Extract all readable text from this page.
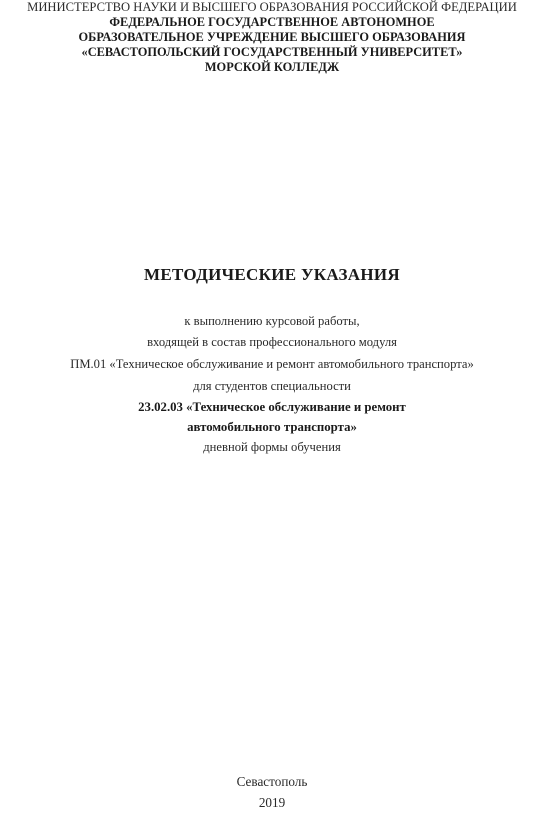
МИНИСТЕРСТВО НАУКИ И ВЫСШЕГО ОБРАЗОВАНИЯ РОССИЙСКОЙ ФЕДЕРАЦИИ
ФЕДЕРАЛЬНОЕ ГОСУДАРСТВЕННОЕ АВТОНОМНОЕ
ОБРАЗОВАТЕЛЬНОЕ УЧРЕЖДЕНИЕ ВЫСШЕГО ОБРАЗОВАНИЯ
«СЕВАСТОПОЛЬСКИЙ ГОСУДАРСТВЕННЫЙ УНИВЕРСИТЕТ»
МОРСКОЙ КОЛЛЕДЖ
МЕТОДИЧЕСКИЕ УКАЗАНИЯ
к выполнению курсовой работы,
входящей в состав профессионального модуля
ПМ.01 «Техническое обслуживание и ремонт автомобильного транспорта»
для студентов специальности
23.02.03 «Техническое обслуживание и ремонт
автомобильного транспорта»
дневной формы обучения
Севастополь
2019
